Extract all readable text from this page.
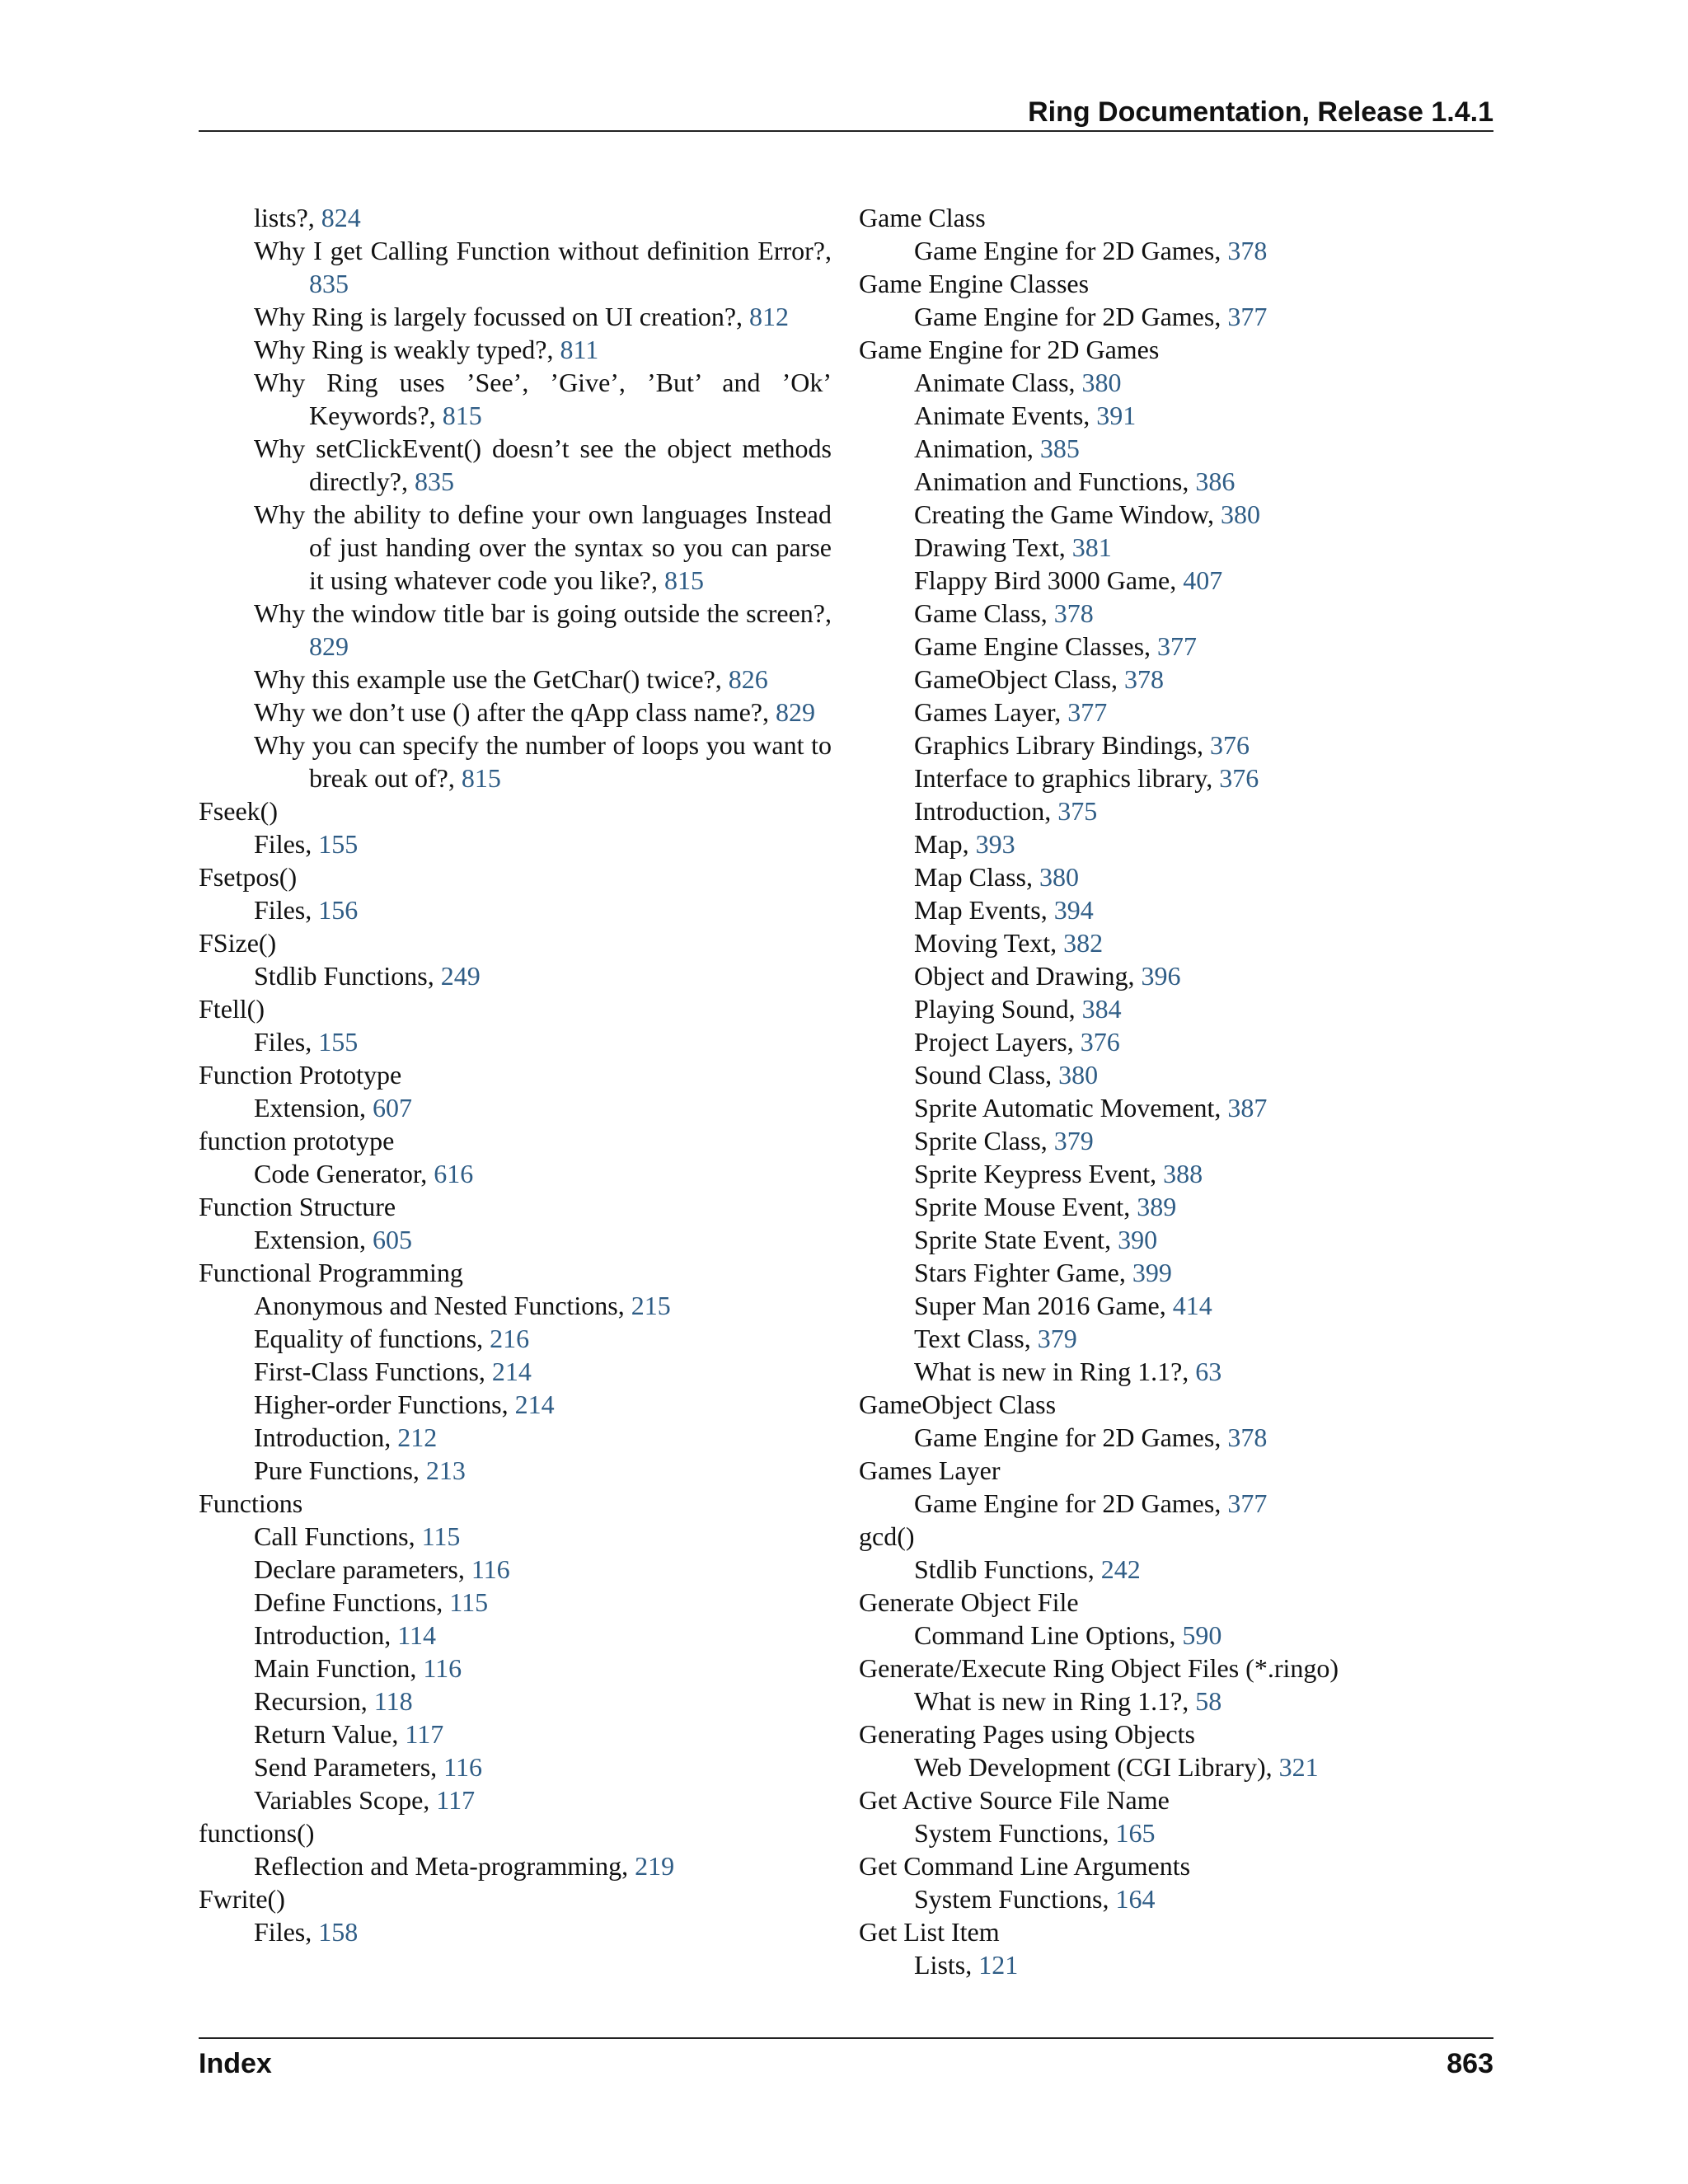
Ring Documentation, Release 1.4.1
lists?, 824
Why I get Calling Function without definition Error?, 835
Why Ring is largely focussed on UI creation?, 812
Why Ring is weakly typed?, 811
Why Ring uses ’See’, ’Give’, ’But’ and ’Ok’ Keywords?, 815
Why setClickEvent() doesn’t see the object methods directly?, 835
Why the ability to define your own languages Instead of just handing over the syntax so you can parse it using whatever code you like?, 815
Why the window title bar is going outside the screen?, 829
Why this example use the GetChar() twice?, 826
Why we don’t use () after the qApp class name?, 829
Why you can specify the number of loops you want to break out of?, 815
Fseek()
Files, 155
Fsetpos()
Files, 156
FSize()
Stdlib Functions, 249
Ftell()
Files, 155
Function Prototype
Extension, 607
function prototype
Code Generator, 616
Function Structure
Extension, 605
Functional Programming
Anonymous and Nested Functions, 215
Equality of functions, 216
First-Class Functions, 214
Higher-order Functions, 214
Introduction, 212
Pure Functions, 213
Functions
Call Functions, 115
Declare parameters, 116
Define Functions, 115
Introduction, 114
Main Function, 116
Recursion, 118
Return Value, 117
Send Parameters, 116
Variables Scope, 117
functions()
Reflection and Meta-programming, 219
Fwrite()
Files, 158
Game Class
Game Engine for 2D Games, 378
Game Engine Classes
Game Engine for 2D Games, 377
Game Engine for 2D Games
Animate Class, 380
Animate Events, 391
Animation, 385
Animation and Functions, 386
Creating the Game Window, 380
Drawing Text, 381
Flappy Bird 3000 Game, 407
Game Class, 378
Game Engine Classes, 377
GameObject Class, 378
Games Layer, 377
Graphics Library Bindings, 376
Interface to graphics library, 376
Introduction, 375
Map, 393
Map Class, 380
Map Events, 394
Moving Text, 382
Object and Drawing, 396
Playing Sound, 384
Project Layers, 376
Sound Class, 380
Sprite Automatic Movement, 387
Sprite Class, 379
Sprite Keypress Event, 388
Sprite Mouse Event, 389
Sprite State Event, 390
Stars Fighter Game, 399
Super Man 2016 Game, 414
Text Class, 379
What is new in Ring 1.1?, 63
GameObject Class
Game Engine for 2D Games, 378
Games Layer
Game Engine for 2D Games, 377
gcd()
Stdlib Functions, 242
Generate Object File
Command Line Options, 590
Generate/Execute Ring Object Files (*.ringo)
What is new in Ring 1.1?, 58
Generating Pages using Objects
Web Development (CGI Library), 321
Get Active Source File Name
System Functions, 165
Get Command Line Arguments
System Functions, 164
Get List Item
Lists, 121
Index	863
